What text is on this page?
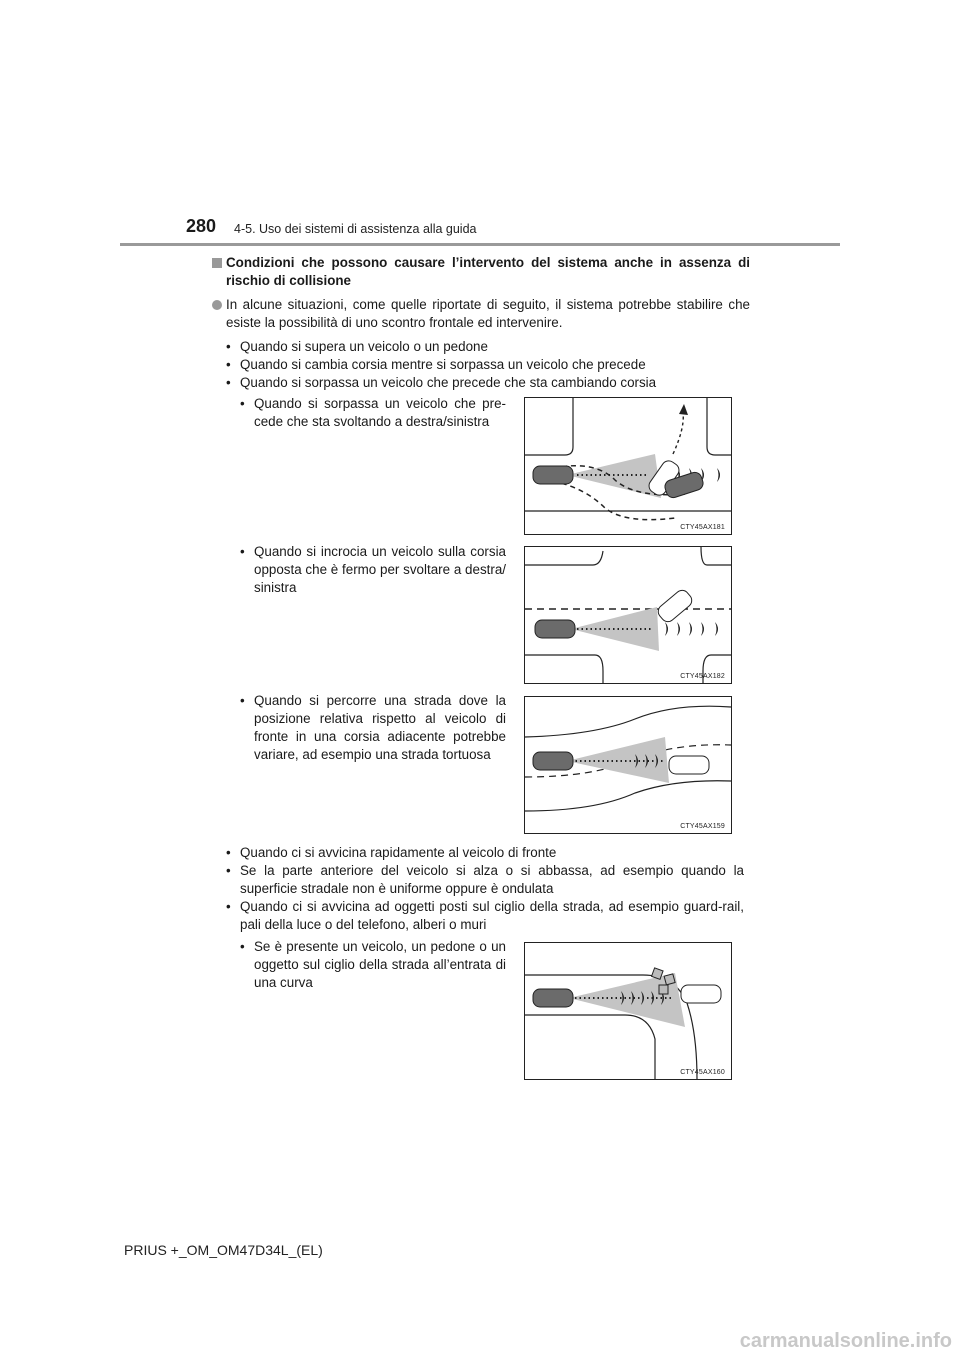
280 4-5. Uso dei sistemi di assistenza alla guida

Condizioni che possono causare l’intervento del sistema anche in assenza di rischio di collisione

In alcune situazioni, come quelle riportate di seguito, il sistema potrebbe stabilire che esiste la possibilità di uno scontro frontale ed intervenire.
• Quando si supera un veicolo o un pedone
• Quando si cambia corsia mentre si sorpassa un veicolo che precede
• Quando si sorpassa un veicolo che precede che sta cambiando corsia
• Quando si sorpassa un veicolo che pre-cede che sta svoltando a destra/sinistra
CTY45AX181
• Quando si incrocia un veicolo sulla corsia opposta che è fermo per svoltare a destra/ sinistra
CTY45AX182
• Quando si percorre una strada dove la posizione relativa rispetto al veicolo di fronte in una corsia adiacente potrebbe variare, ad esempio una strada tortuosa
CTY45AX159
• Quando ci si avvicina rapidamente al veicolo di fronte
• Se la parte anteriore del veicolo si alza o si abbassa, ad esempio quando la superficie stradale non è uniforme oppure è ondulata
• Quando ci si avvicina ad oggetti posti sul ciglio della strada, ad esempio guard-rail, pali della luce o del telefono, alberi o muri
• Se è presente un veicolo, un pedone o un oggetto sul ciglio della strada all’entrata di una curva
CTY45AX160
PRIUS +_OM_OM47D34L_(EL)
carmanualsonline.info
